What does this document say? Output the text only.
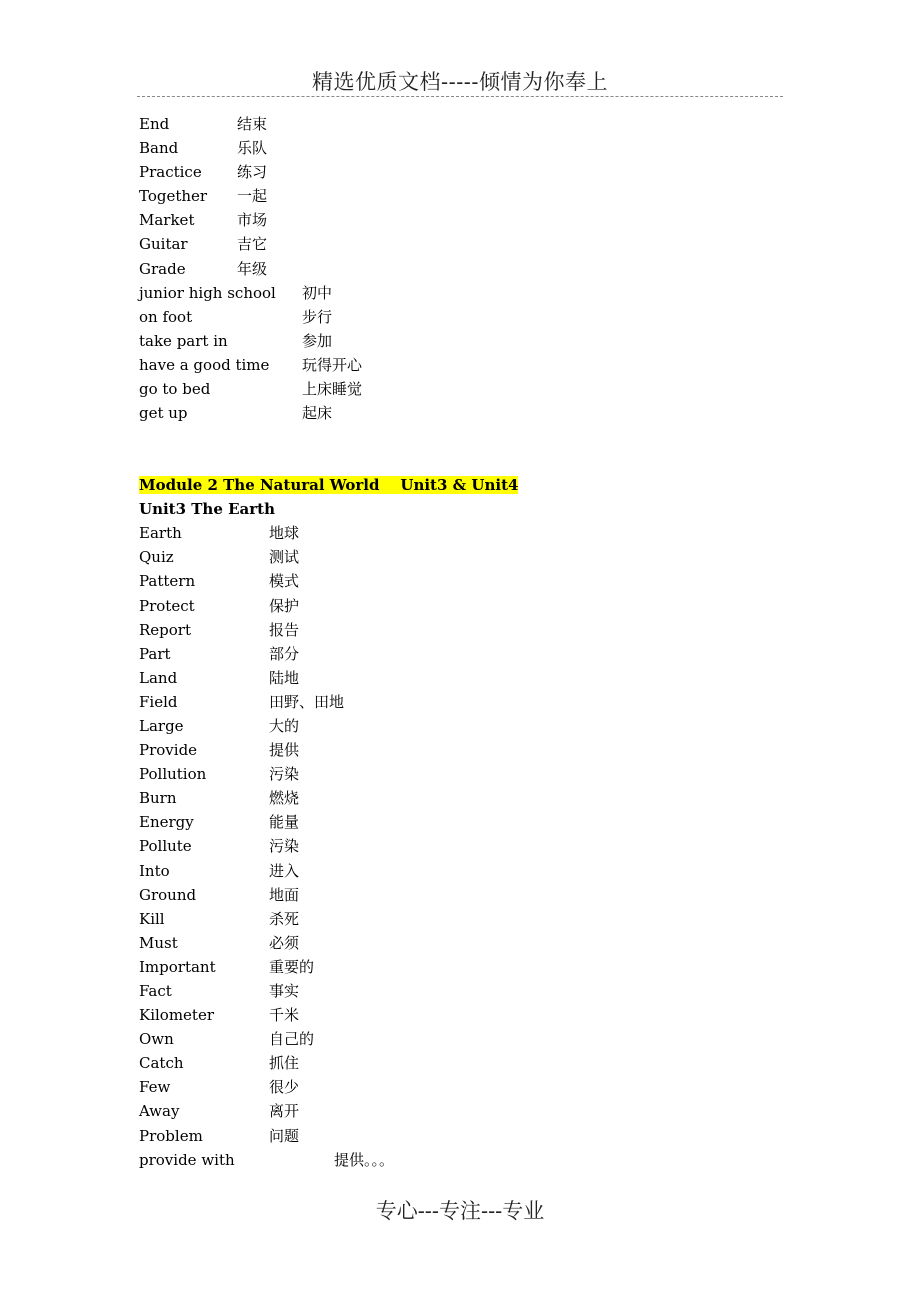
精选优质文档-----倾情为你奉上
End	结束
Band	乐队
Practice 练习
Together 一起
Market	市场
Guitar	吉它
Grade	年级
junior high school 初中
on foot	步行
take part in	参加
have a good time 玩得开心
go to bed	上床睡觉
get up	起床
Module 2 The Natural World    Unit3 & Unit4
Unit3 The Earth
Earth	地球
Quiz	测试
Pattern	模式
Protect	保护
Report	报告
Part	部分
Land	陆地
Field	田野、田地
Large	大的
Provide	提供
Pollution	污染
Burn	燃烧
Energy	能量
Pollute	污染
Into	进入
Ground	地面
Kill	杀死
Must	必须
Important	重要的
Fact	事实
Kilometer	千米
Own	自己的
Catch	抓住
Few	很少
Away	离开
Problem	问题
provide with	提供。。。
专心---专注---专业
